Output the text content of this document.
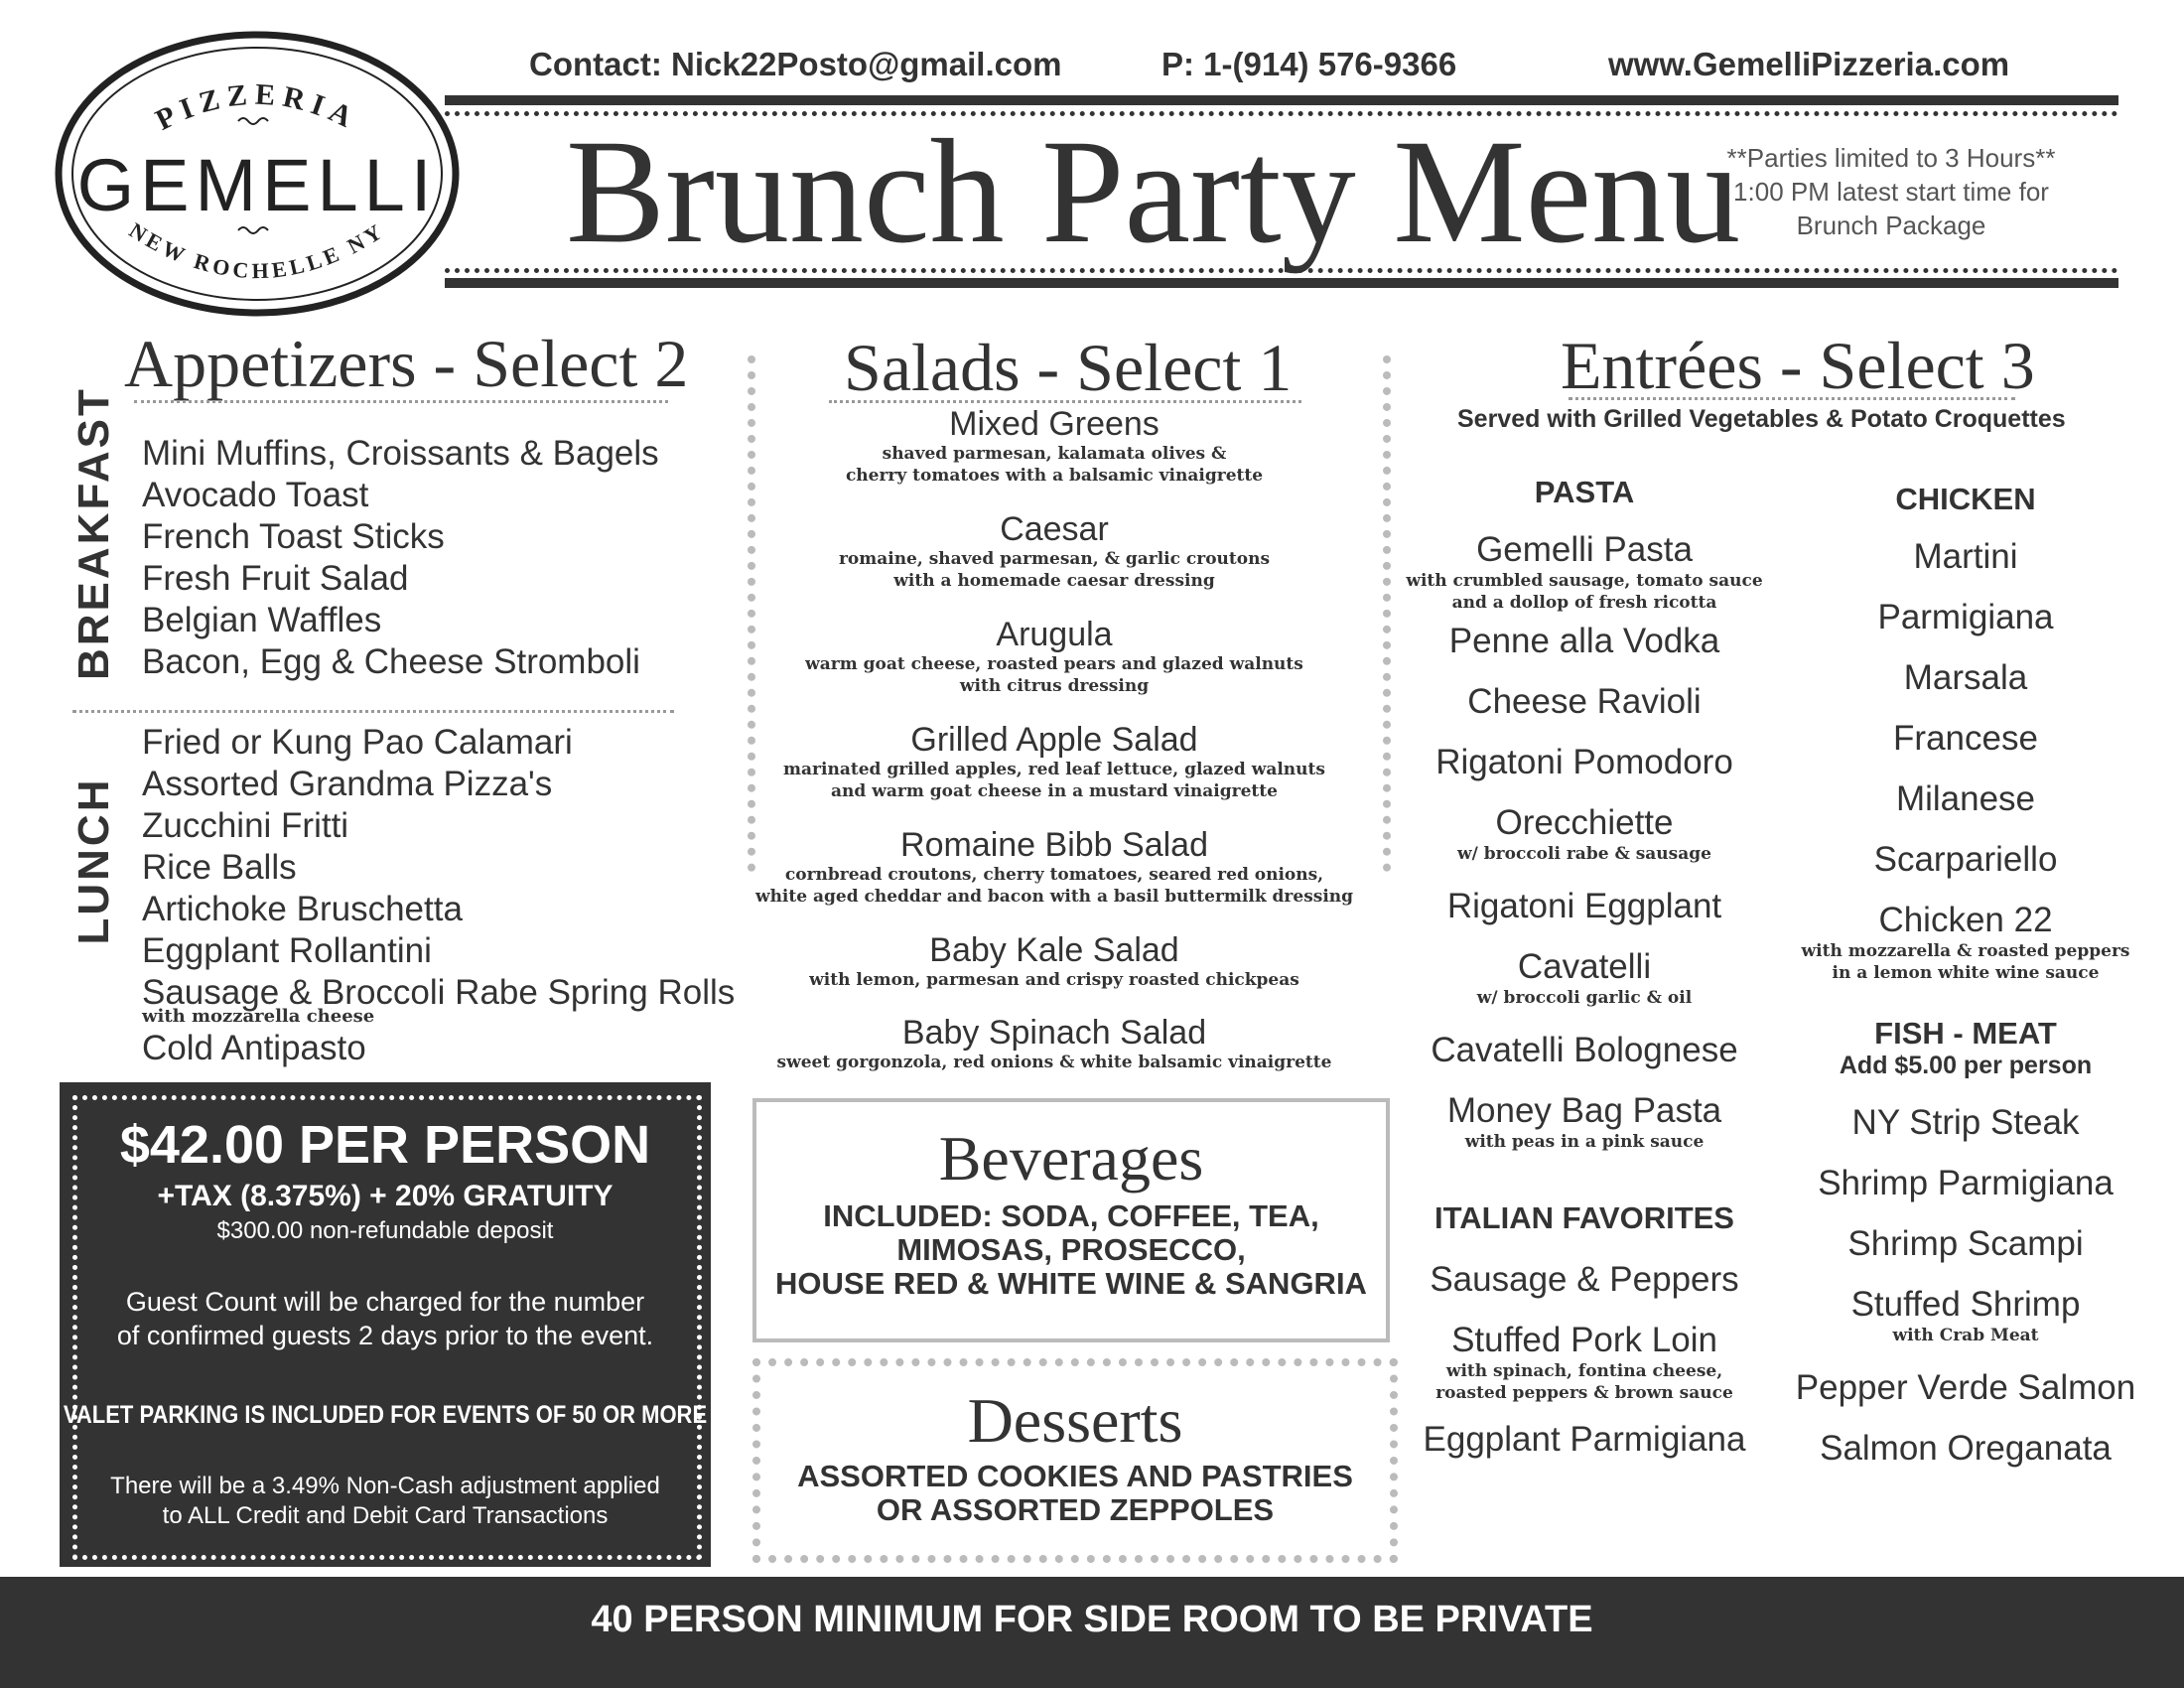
Contact: Nick22Posto@gmail.com	P: 1-(914) 576-9366	www.GemelliPizzeria.com
PIZZERIA
GEMELLI
NEW ROCHELLE NY Brunch Party Menu
**Parties limited to 3 Hours**
1:00 PM latest start time for
Brunch Package
Appetizers - Select 2
BREAKFAST Mini Muffins, Croissants & Bagels
Avocado Toast
French Toast Sticks
Fresh Fruit Salad
Belgian Waffles
Bacon, Egg & Cheese Stromboli
LUNCH
Fried or Kung Pao Calamari
Assorted Grandma Pizza's
Zucchini Fritti
Rice Balls
Artichoke Bruschetta
Eggplant Rollantini
Sausage & Broccoli Rabe Spring Rolls
with mozzarella cheese
Cold Antipasto
Salads - Select 1
Mixed Greens
shaved parmesan, kalamata olives &
cherry tomatoes with a balsamic vinaigrette
Caesar
romaine, shaved parmesan, & garlic croutons
with a homemade caesar dressing
Arugula
warm goat cheese, roasted pears and glazed walnuts
with citrus dressing
Grilled Apple Salad
marinated grilled apples, red leaf lettuce, glazed walnuts
and warm goat cheese in a mustard vinaigrette
Romaine Bibb Salad
cornbread croutons, cherry tomatoes, seared red onions,
white aged cheddar and bacon with a basil buttermilk dressing
Baby Kale Salad
with lemon, parmesan and crispy roasted chickpeas
Baby Spinach Salad
sweet gorgonzola, red onions & white balsamic vinaigrette
Entrées - Select 3
Served with Grilled Vegetables & Potato Croquettes
PASTA
Gemelli Pasta
with crumbled sausage, tomato sauce
and a dollop of fresh ricotta
Penne alla Vodka
Cheese Ravioli
Rigatoni Pomodoro
Orecchiette
w/ broccoli rabe & sausage
Rigatoni Eggplant
Cavatelli
w/ broccoli garlic & oil
Cavatelli Bolognese
Money Bag Pasta
with peas in a pink sauce
ITALIAN FAVORITES
Sausage & Peppers
Stuffed Pork Loin
with spinach, fontina cheese,
roasted peppers & brown sauce
Eggplant Parmigiana
CHICKEN
Martini
Parmigiana
Marsala
Francese
Milanese
Scarpariello
Chicken 22
with mozzarella & roasted peppers
in a lemon white wine sauce
FISH - MEAT
Add $5.00 per person
NY Strip Steak
Shrimp Parmigiana
Shrimp Scampi
Stuffed Shrimp
with Crab Meat
Pepper Verde Salmon
Salmon Oreganata
$42.00 PER PERSON
+TAX (8.375%) + 20% GRATUITY
$300.00 non-refundable deposit
Guest Count will be charged for the number
of confirmed guests 2 days prior to the event.
VALET PARKING IS INCLUDED FOR EVENTS OF 50 OR MORE
There will be a 3.49% Non-Cash adjustment applied
to ALL Credit and Debit Card Transactions
Beverages
INCLUDED: SODA, COFFEE, TEA,
MIMOSAS, PROSECCO,
HOUSE RED & WHITE WINE & SANGRIA
Desserts
ASSORTED COOKIES AND PASTRIES
OR ASSORTED ZEPPOLES
40 PERSON MINIMUM FOR SIDE ROOM TO BE PRIVATE
